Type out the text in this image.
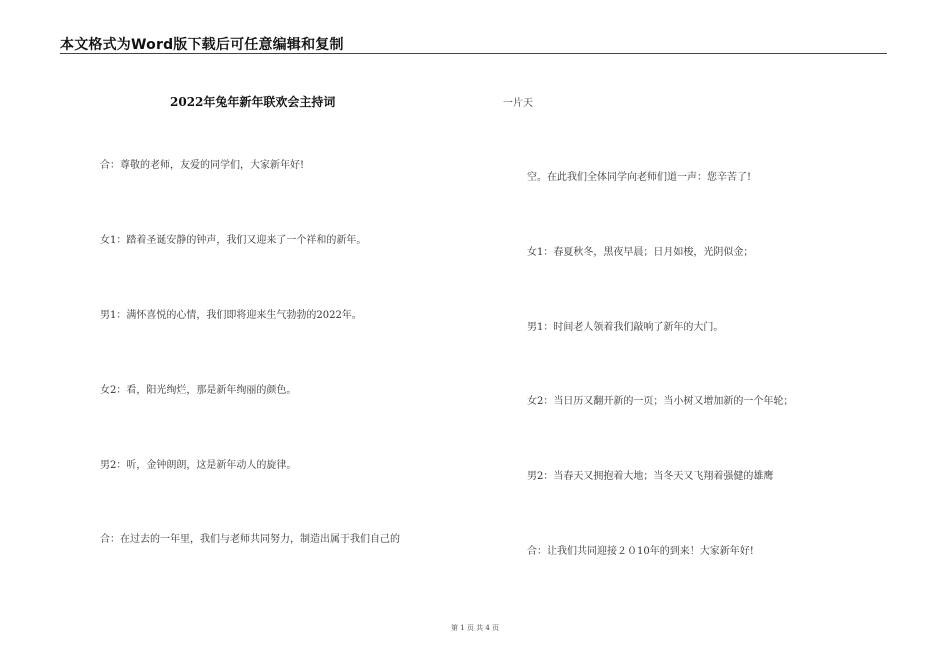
本文格式为Word版下载后可任意编辑和复制
2022年兔年新年联欢会主持词	一片天
合：尊敬的老师，友爱的同学们，大家新年好!
女1：踏着圣诞安静的钟声，我们又迎来了一个祥和的新年。
男1：满怀喜悦的心情，我们即将迎来生气勃勃的2022年。
女2：看，阳光绚烂，那是新年绚丽的颜色。
男2：听，金钟朗朗，这是新年动人的旋律。
合：在过去的一年里，我们与老师共同努力，制造出属于我们自己的
空。在此我们全体同学向老师们道一声：您辛苦了!
女1：春夏秋冬，黑夜早晨；日月如梭，光阴似金；
男1：时间老人领着我们敲响了新年的大门。
女2：当日历又翻开新的一页；当小树又增加新的一个年轮；
男2：当春天又拥抱着大地；当冬天又飞翔着强健的雄鹰
合：让我们共同迎接２０10年的到来！大家新年好!
第 1 页 共 4 页
